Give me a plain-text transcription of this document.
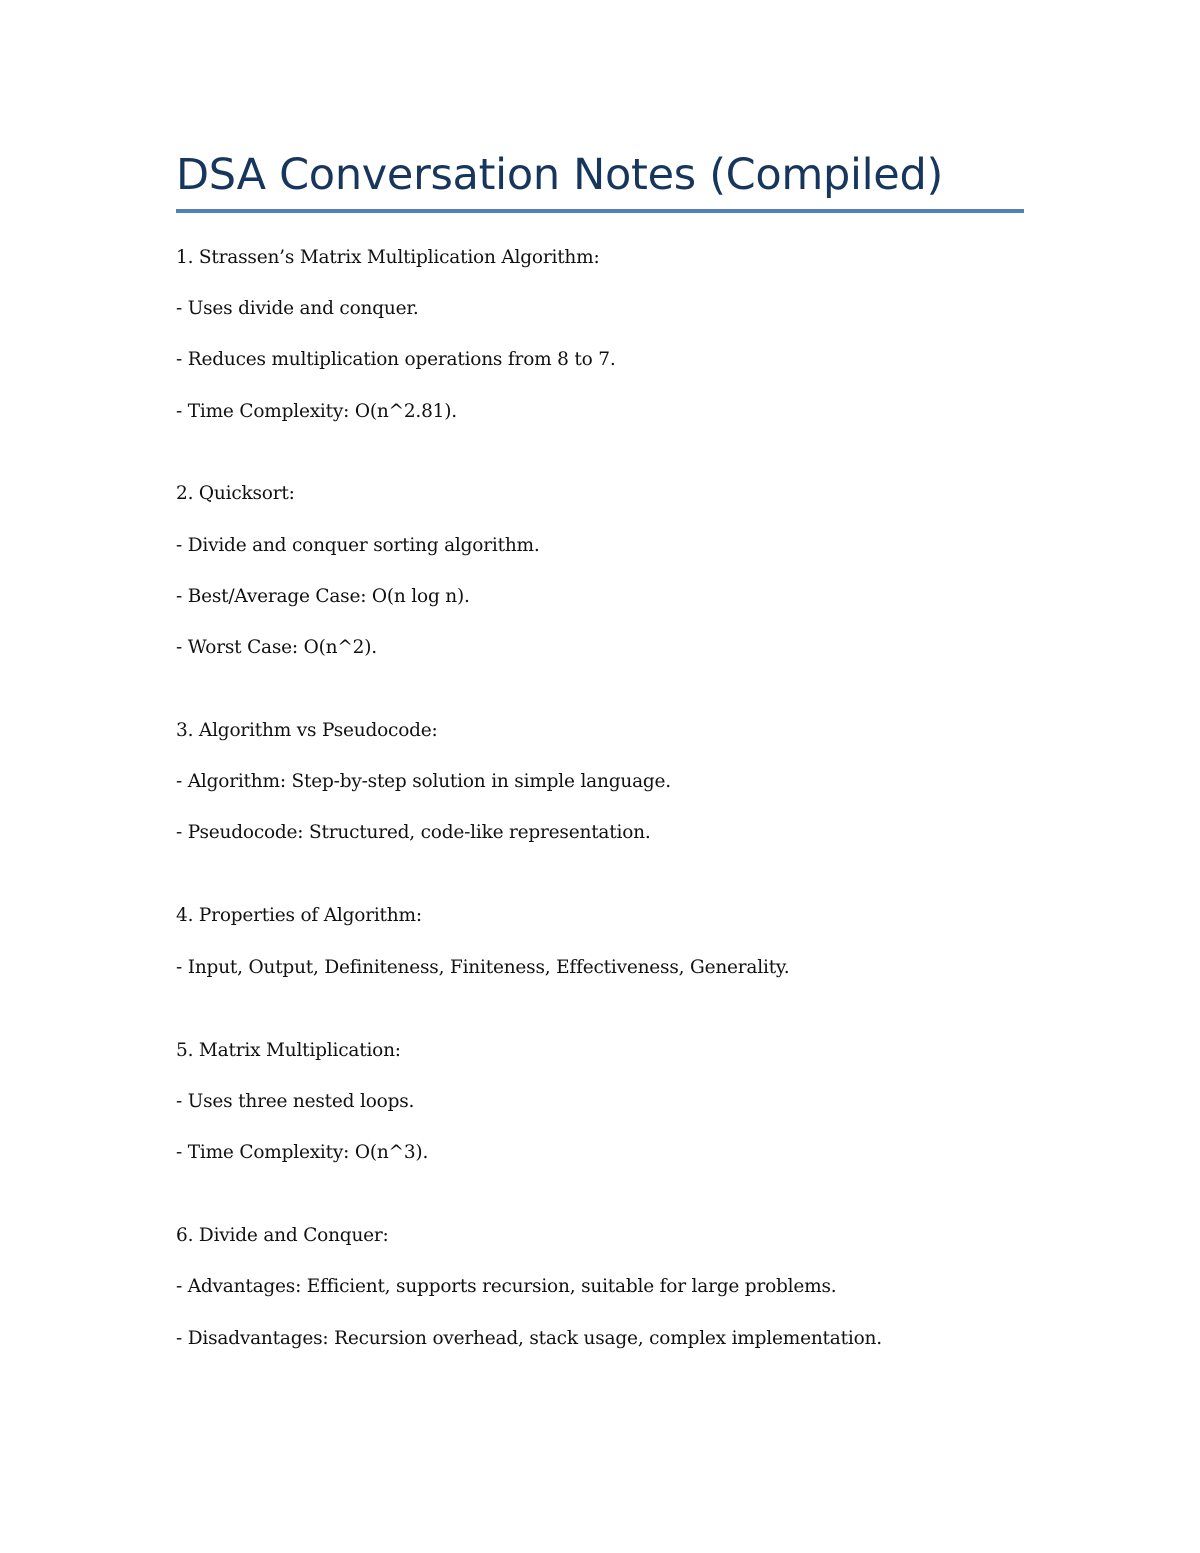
DSA Conversation Notes (Compiled)
1. Strassen’s Matrix Multiplication Algorithm:
- Uses divide and conquer.
- Reduces multiplication operations from 8 to 7.
- Time Complexity: O(n^2.81).
2. Quicksort:
- Divide and conquer sorting algorithm.
- Best/Average Case: O(n log n).
- Worst Case: O(n^2).
3. Algorithm vs Pseudocode:
- Algorithm: Step-by-step solution in simple language.
- Pseudocode: Structured, code-like representation.
4. Properties of Algorithm:
- Input, Output, Definiteness, Finiteness, Effectiveness, Generality.
5. Matrix Multiplication:
- Uses three nested loops.
- Time Complexity: O(n^3).
6. Divide and Conquer:
- Advantages: Efficient, supports recursion, suitable for large problems.
- Disadvantages: Recursion overhead, stack usage, complex implementation.
